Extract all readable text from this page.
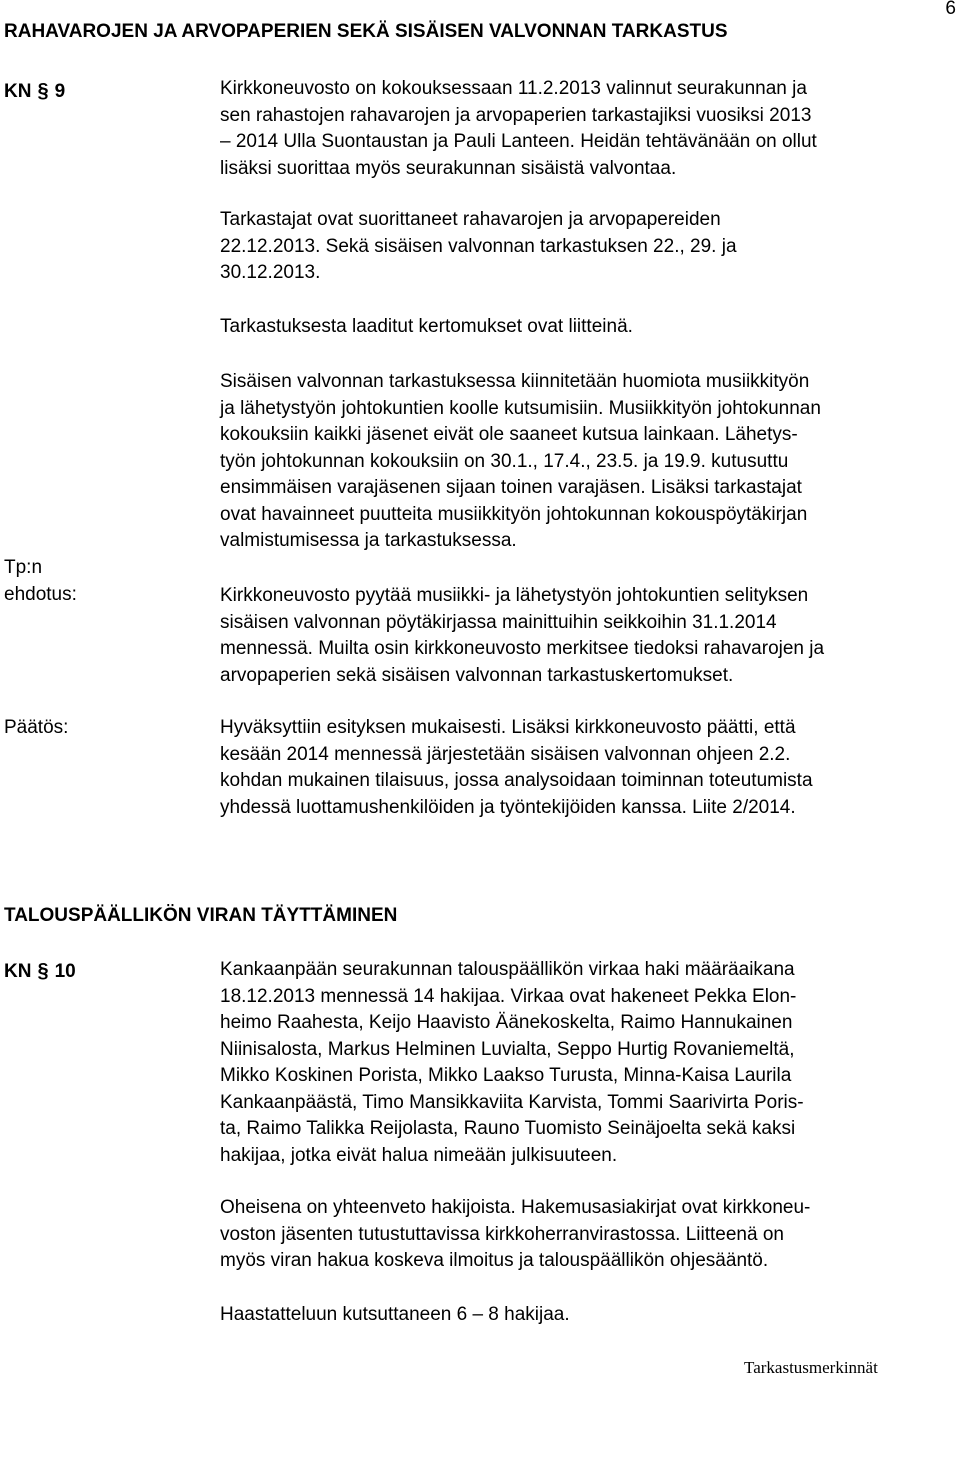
RAHAVAROJEN JA ARVOPAPERIEN SEKÄ SISÄISEN VALVONNAN TARKASTUS
6
KN § 9	Kirkkoneuvosto on kokouksessaan 11.2.2013 valinnut seurakunnan ja

sen rahastojen rahavarojen ja arvopaperien tarkastajiksi vuosiksi 2013

– 2014 Ulla Suontaustan ja Pauli Lanteen. Heidän tehtävänään on ollut

lisäksi suorittaa myös seurakunnan sisäistä valvontaa.

Tarkastajat ovat suorittaneet rahavarojen ja arvopapereiden

22.12.2013. Sekä sisäisen valvonnan tarkastuksen 22., 29. ja

30.12.2013.

Tarkastuksesta laaditut kertomukset ovat liitteinä.

Sisäisen valvonnan tarkastuksessa kiinnitetään huomiota musiikkityön

ja lähetystyön johtokuntien koolle kutsumisiin. Musiikkityön johtokunnan

kokouksiin kaikki jäsenet eivät ole saaneet kutsua lainkaan. Lähetys-

työn johtokunnan kokouksiin on 30.1., 17.4., 23.5. ja 19.9. kutusuttu

ensimmäisen varajäsenen sijaan toinen varajäsen. Lisäksi tarkastajat

ovat havainneet puutteita musiikkityön johtokunnan kokouspöytäkirjan

valmistumisessa ja tarkastuksessa.

Tp:n
ehdotus:	Kirkkoneuvosto pyytää musiikki- ja lähetystyön johtokuntien selityksen

sisäisen valvonnan pöytäkirjassa mainittuihin seikkoihin 31.1.2014

mennessä. Muilta osin kirkkoneuvosto merkitsee tiedoksi rahavarojen ja

arvopaperien sekä sisäisen valvonnan tarkastuskertomukset.

Päätös:	Hyväksyttiin esityksen mukaisesti. Lisäksi kirkkoneuvosto päätti, että

kesään 2014 mennessä järjestetään sisäisen valvonnan ohjeen 2.2.

kohdan mukainen tilaisuus, jossa analysoidaan toiminnan toteutumista

yhdessä luottamushenkilöiden ja työntekijöiden kanssa. Liite 2/2014.

TALOUSPÄÄLLIKÖN VIRAN TÄYTTÄMINEN
KN § 10	Kankaanpään seurakunnan talouspäällikön virkaa haki määräaikana

18.12.2013 mennessä 14 hakijaa. Virkaa ovat hakeneet Pekka Elon-

heimo Raahesta, Keijo Haavisto Äänekoskelta, Raimo Hannukainen

Niinisalosta, Markus Helminen Luvialta, Seppo Hurtig Rovaniemeltä,

Mikko Koskinen Porista, Mikko Laakso Turusta, Minna-Kaisa Laurila

Kankaanpäästä, Timo Mansikkaviita Karvista, Tommi Saarivirta Poris-

ta, Raimo Talikka Reijolasta, Rauno Tuomisto Seinäjoelta sekä kaksi

hakijaa, jotka eivät halua nimeään julkisuuteen.

Oheisena on yhteenveto hakijoista. Hakemusasiakirjat ovat kirkkoneu-

voston jäsenten tutustuttavissa kirkkoherranvirastossa. Liitteenä on

myös viran hakua koskeva ilmoitus ja talouspäällikön ohjesääntö.

Haastatteluun kutsuttaneen 6 – 8 hakijaa.

Tarkastusmerkinnät
